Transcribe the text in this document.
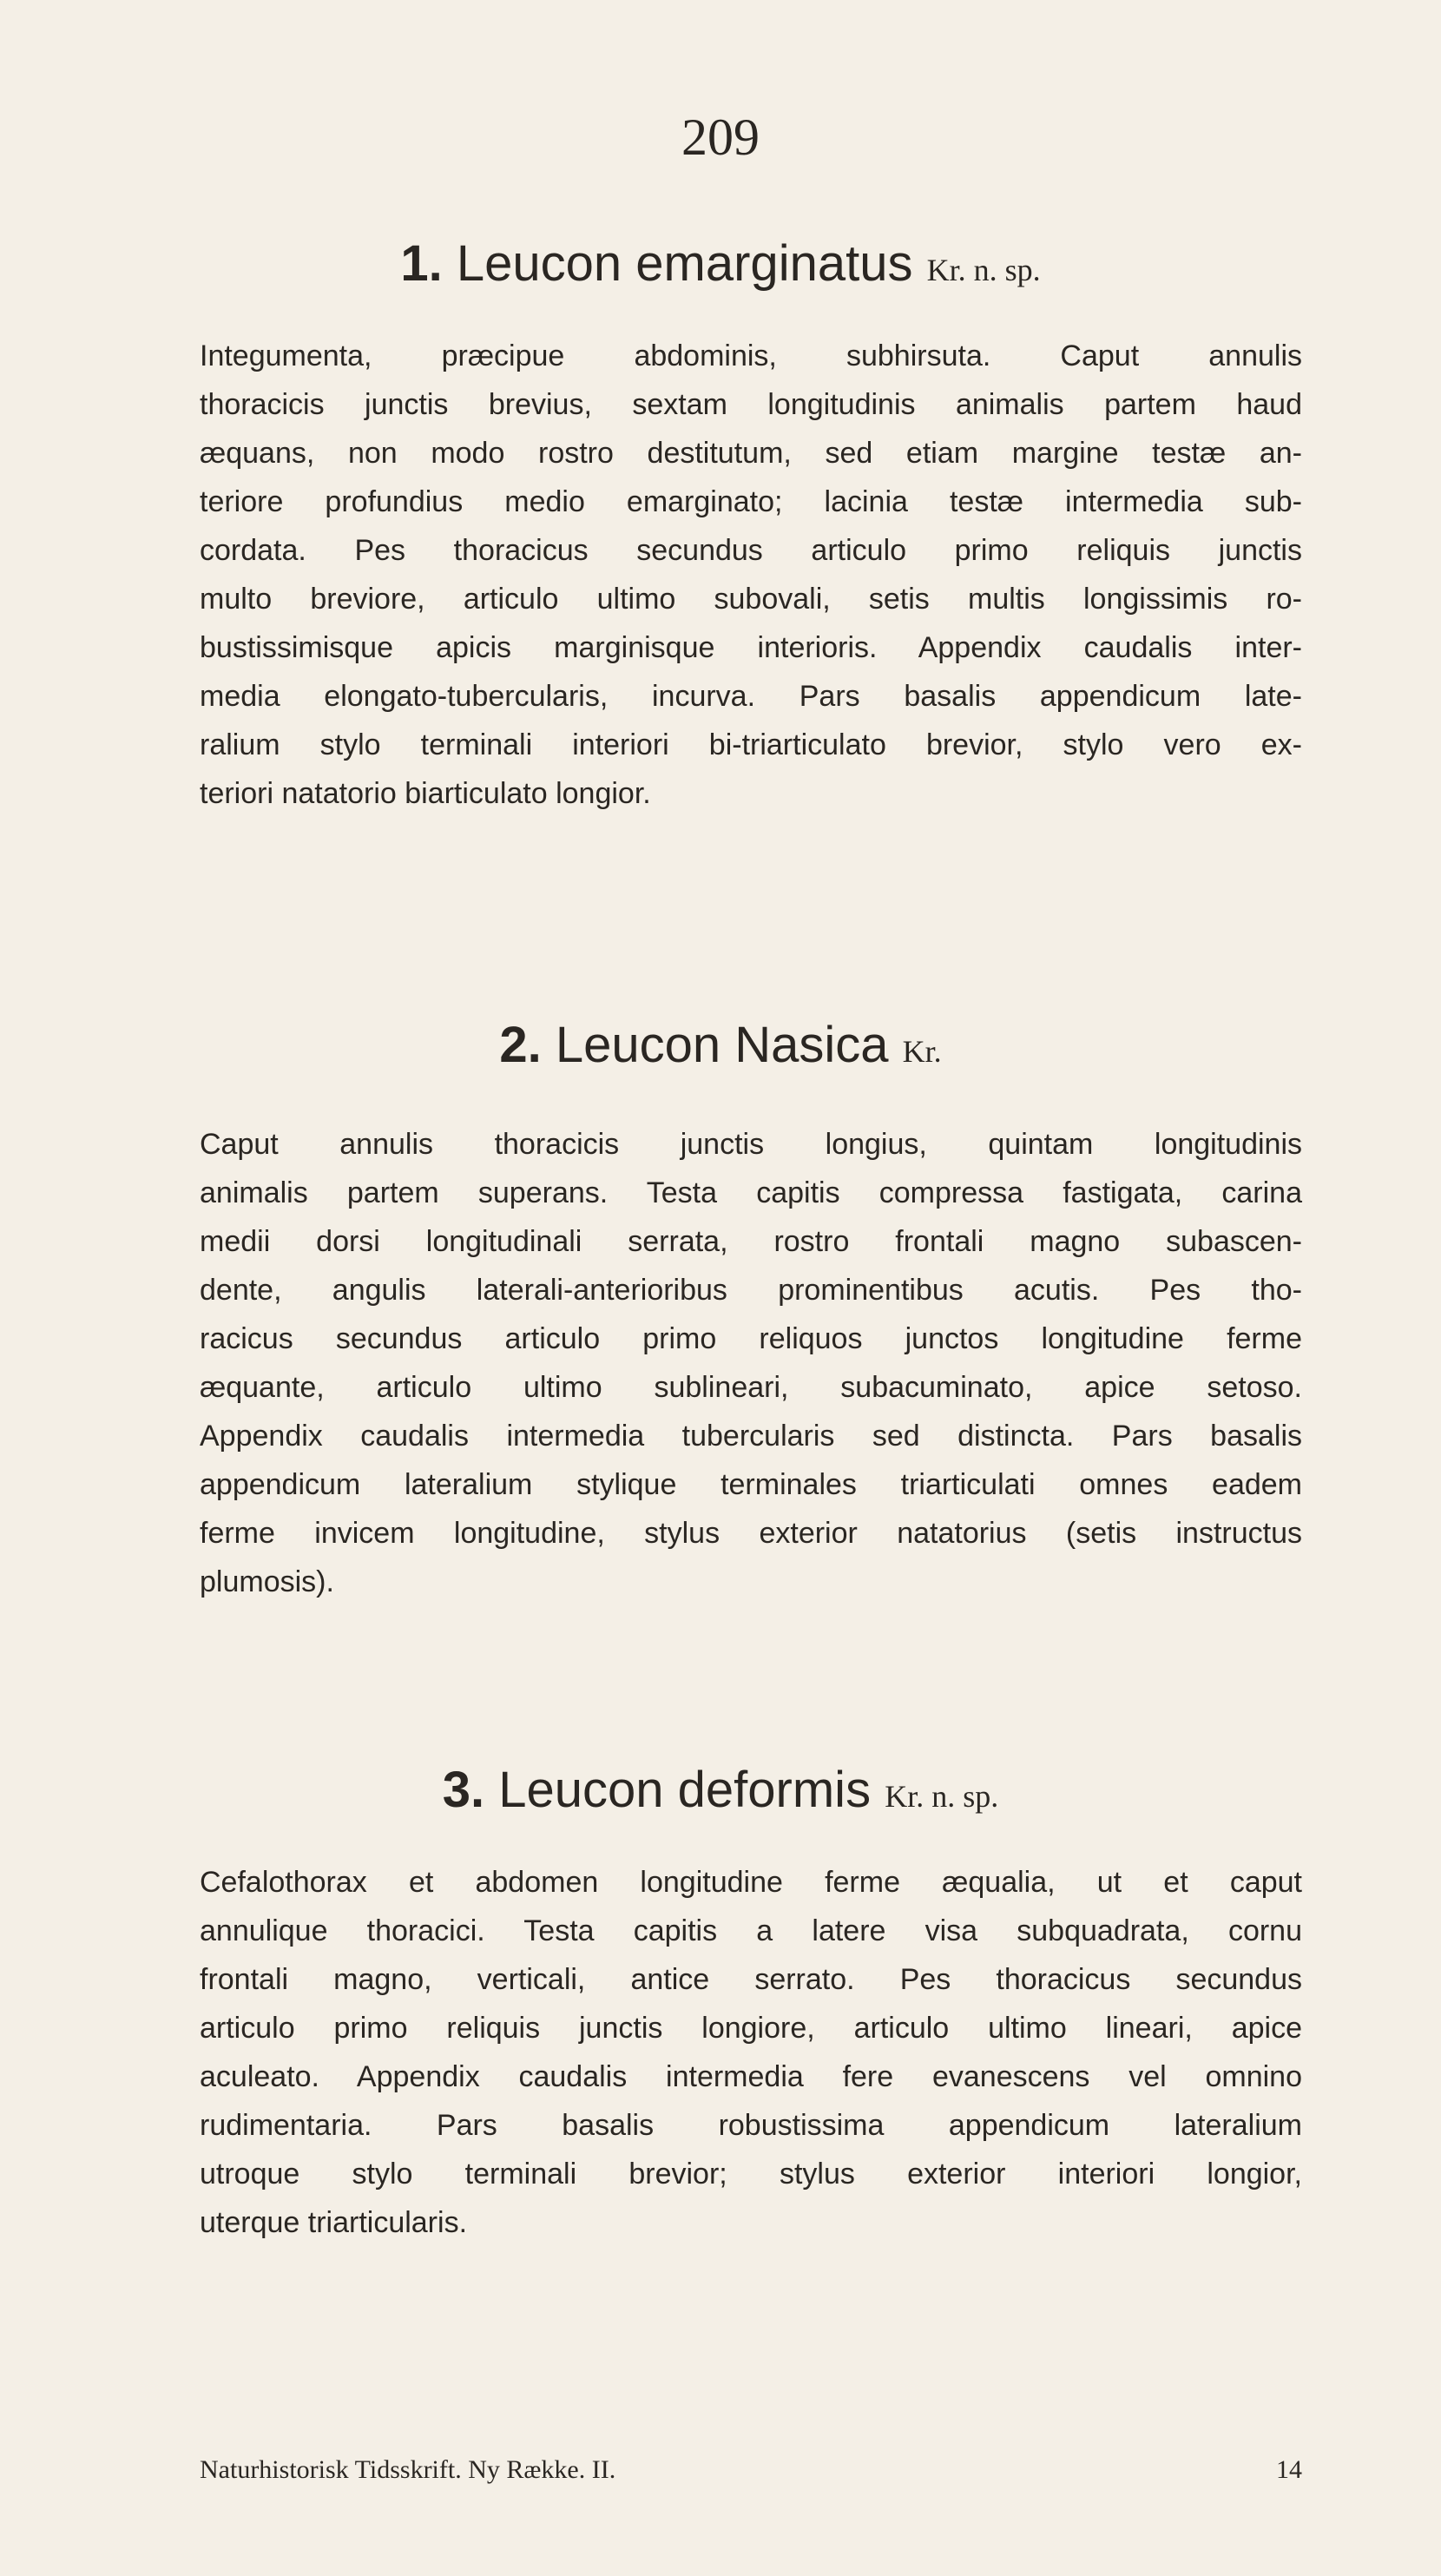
209
1. Leucon emarginatus Kr. n. sp.
Integumenta, præcipue abdominis, subhirsuta. Caput annulis
thoracicis junctis brevius, sextam longitudinis animalis partem haud
æquans, non modo rostro destitutum, sed etiam margine testæ an-
teriore profundius medio emarginato; lacinia testæ intermedia sub-
cordata. Pes thoracicus secundus articulo primo reliquis junctis
multo breviore, articulo ultimo subovali, setis multis longissimis ro-
bustissimisque apicis marginisque interioris. Appendix caudalis inter-
media elongato-tubercularis, incurva. Pars basalis appendicum late-
ralium stylo terminali interiori bi-triarticulato brevior, stylo vero ex-
teriori natatorio biarticulato longior.
2. Leucon Nasica Kr.
Caput annulis thoracicis junctis longius, quintam longitudinis
animalis partem superans. Testa capitis compressa fastigata, carina
medii dorsi longitudinali serrata, rostro frontali magno subascen-
dente, angulis laterali-anterioribus prominentibus acutis. Pes tho-
racicus secundus articulo primo reliquos junctos longitudine ferme
æquante, articulo ultimo sublineari, subacuminato, apice setoso.
Appendix caudalis intermedia tubercularis sed distincta. Pars basalis
appendicum lateralium stylique terminales triarticulati omnes eadem
ferme invicem longitudine, stylus exterior natatorius (setis instructus
plumosis).
3. Leucon deformis Kr. n. sp.
Cefalothorax et abdomen longitudine ferme æqualia, ut et caput
annulique thoracici. Testa capitis a latere visa subquadrata, cornu
frontali magno, verticali, antice serrato. Pes thoracicus secundus
articulo primo reliquis junctis longiore, articulo ultimo lineari, apice
aculeato. Appendix caudalis intermedia fere evanescens vel omnino
rudimentaria. Pars basalis robustissima appendicum lateralium
utroque stylo terminali brevior; stylus exterior interiori longior,
uterque triarticularis.
Naturhistorisk Tidsskrift. Ny Række. II.	14
